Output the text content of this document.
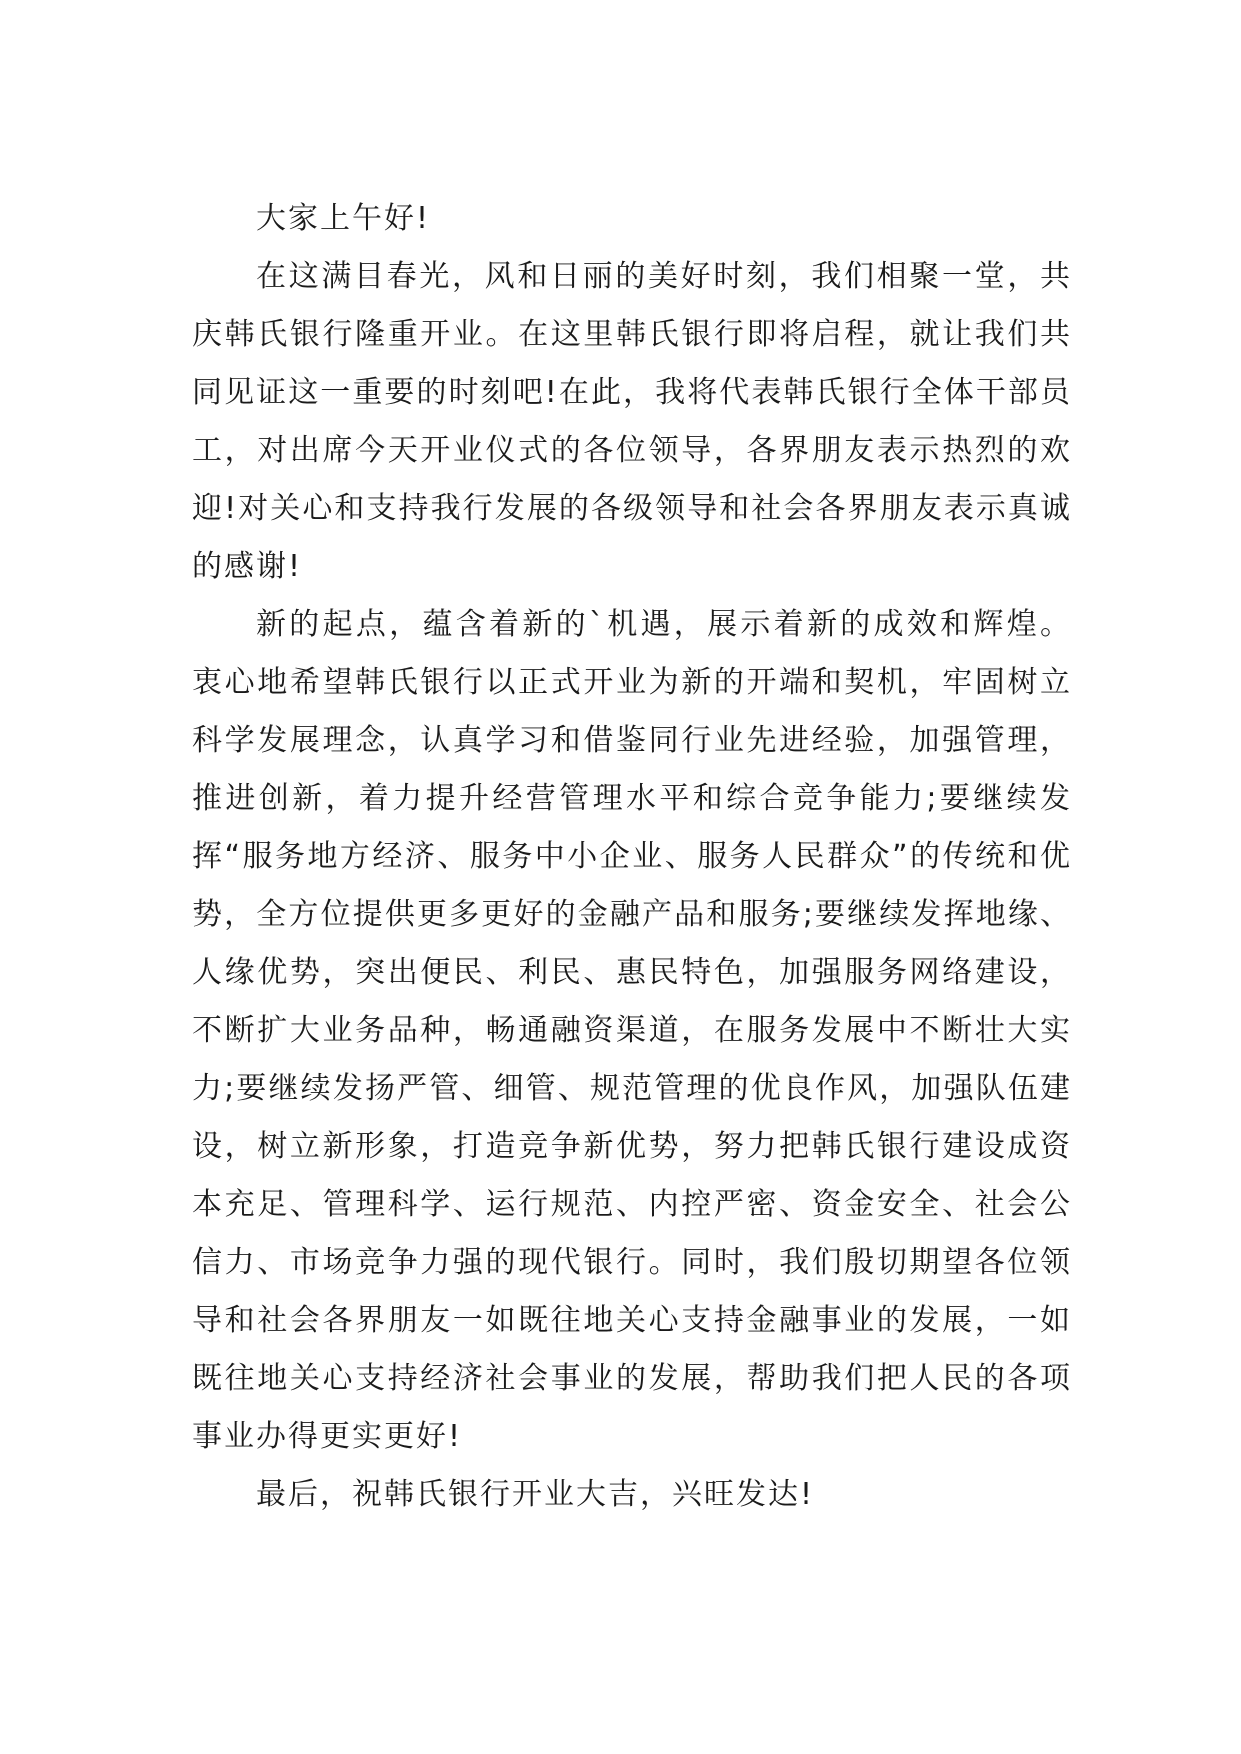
大家上午好!

在这满目春光，风和日丽的美好时刻，我们相聚一堂，共庆韩氏银行隆重开业。在这里韩氏银行即将启程，就让我们共同见证这一重要的时刻吧!在此，我将代表韩氏银行全体干部员工，对出席今天开业仪式的各位领导，各界朋友表示热烈的欢迎!对关心和支持我行发展的各级领导和社会各界朋友表示真诚的感谢!

新的起点，蕴含着新的`机遇，展示着新的成效和辉煌。衷心地希望韩氏银行以正式开业为新的开端和契机，牢固树立科学发展理念，认真学习和借鉴同行业先进经验，加强管理，推进创新，着力提升经营管理水平和综合竞争能力;要继续发挥“服务地方经济、服务中小企业、服务人民群众”的传统和优势，全方位提供更多更好的金融产品和服务;要继续发挥地缘、人缘优势，突出便民、利民、惠民特色，加强服务网络建设，不断扩大业务品种，畅通融资渠道，在服务发展中不断壮大实力;要继续发扬严管、细管、规范管理的优良作风，加强队伍建设，树立新形象，打造竞争新优势，努力把韩氏银行建设成资本充足、管理科学、运行规范、内控严密、资金安全、社会公信力、市场竞争力强的现代银行。同时，我们殷切期望各位领导和社会各界朋友一如既往地关心支持金融事业的发展，一如既往地关心支持经济社会事业的发展，帮助我们把人民的各项事业办得更实更好!

最后，祝韩氏银行开业大吉，兴旺发达!
